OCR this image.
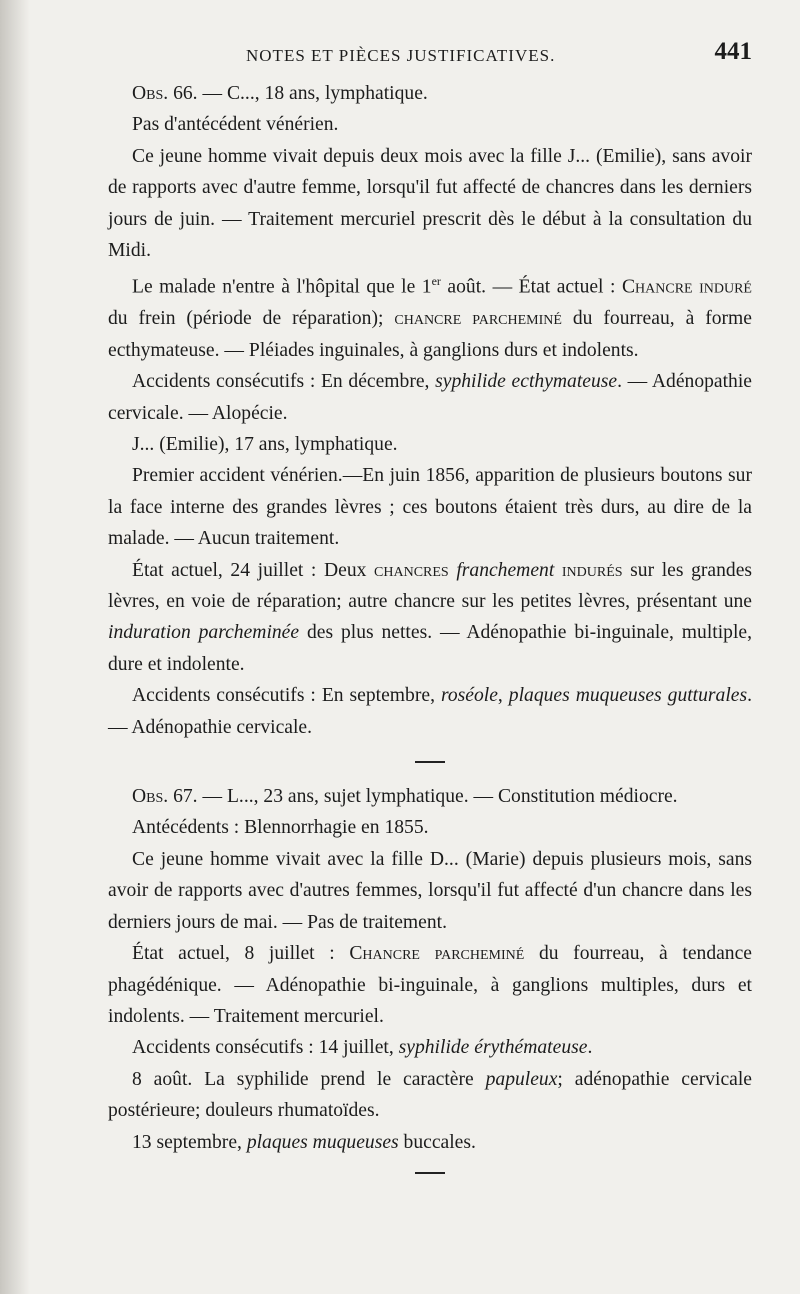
NOTES ET PIÈCES JUSTIFICATIVES.	441

Obs. 66. — C..., 18 ans, lymphatique.

Pas d'antécédent vénérien.

Ce jeune homme vivait depuis deux mois avec la fille J... (Emilie), sans avoir de rapports avec d'autre femme, lorsqu'il fut affecté de chancres dans les derniers jours de juin. — Traitement mercuriel prescrit dès le début à la consultation du Midi.

Le malade n'entre à l'hôpital que le 1er août. — État actuel : Chancre induré du frein (période de réparation); chancre parcheminé du fourreau, à forme ecthymateuse. — Pléiades inguinales, à ganglions durs et indolents.

Accidents consécutifs : En décembre, syphilide ecthymateuse. — Adénopathie cervicale. — Alopécie.

J... (Emilie), 17 ans, lymphatique.

Premier accident vénérien.—En juin 1856, apparition de plusieurs boutons sur la face interne des grandes lèvres ; ces boutons étaient très durs, au dire de la malade. — Aucun traitement.

État actuel, 24 juillet : Deux chancres franchement indurés sur les grandes lèvres, en voie de réparation; autre chancre sur les petites lèvres, présentant une induration parcheminée des plus nettes. — Adénopathie bi-inguinale, multiple, dure et indolente.

Accidents consécutifs : En septembre, roséole, plaques muqueuses gutturales. — Adénopathie cervicale.

Obs. 67. — L..., 23 ans, sujet lymphatique. — Constitution médiocre.

Antécédents : Blennorrhagie en 1855.

Ce jeune homme vivait avec la fille D... (Marie) depuis plusieurs mois, sans avoir de rapports avec d'autres femmes, lorsqu'il fut affecté d'un chancre dans les derniers jours de mai. — Pas de traitement.

État actuel, 8 juillet : Chancre parcheminé du fourreau, à tendance phagédénique. — Adénopathie bi-inguinale, à ganglions multiples, durs et indolents. — Traitement mercuriel.

Accidents consécutifs : 14 juillet, syphilide érythémateuse.

8 août. La syphilide prend le caractère papuleux; adénopathie cervicale postérieure; douleurs rhumatoïdes.

13 septembre, plaques muqueuses buccales.
